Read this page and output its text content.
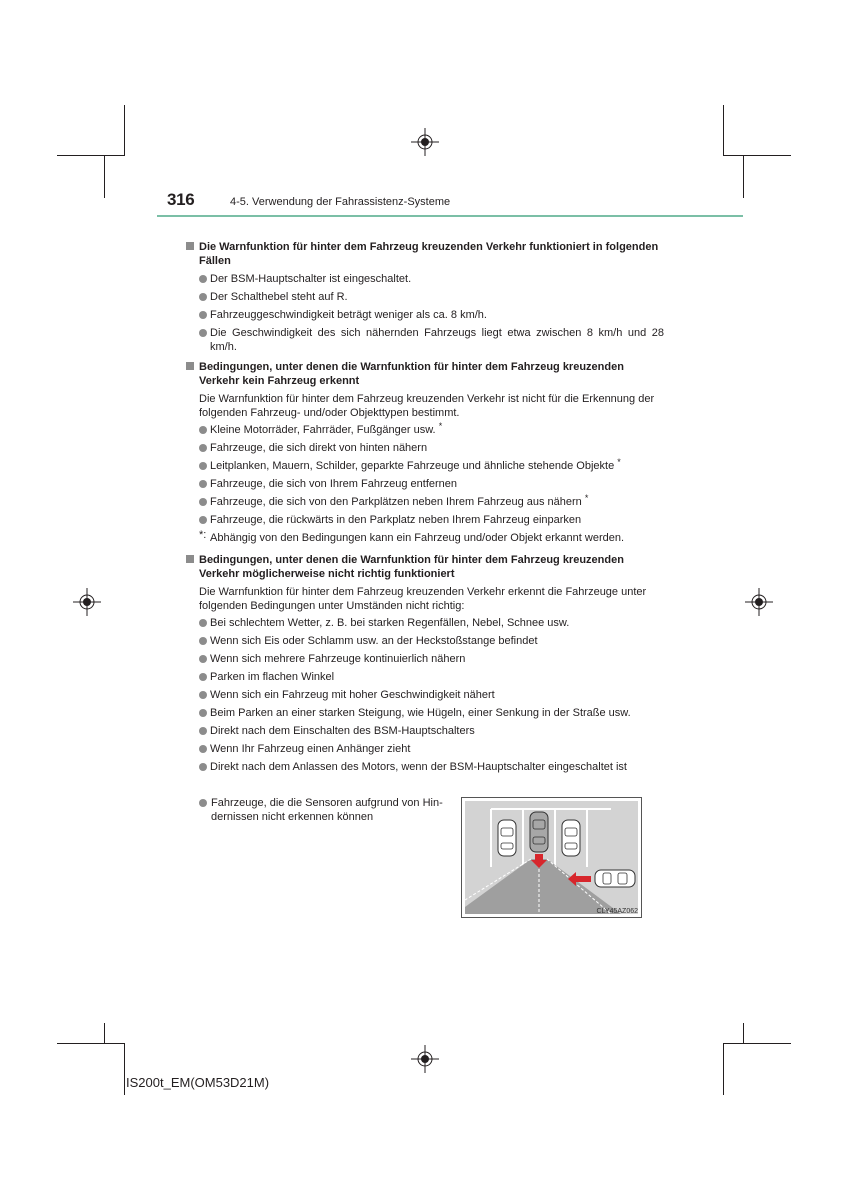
316	4-5. Verwendung der Fahrassistenz-Systeme
Die Warnfunktion für hinter dem Fahrzeug kreuzenden Verkehr funktioniert in folgenden Fällen
Der BSM-Hauptschalter ist eingeschaltet.
Der Schalthebel steht auf R.
Fahrzeuggeschwindigkeit beträgt weniger als ca. 8 km/h.
Die Geschwindigkeit des sich nähernden Fahrzeugs liegt etwa zwischen 8 km/h und 28 km/h.
Bedingungen, unter denen die Warnfunktion für hinter dem Fahrzeug kreuzenden Verkehr kein Fahrzeug erkennt
Die Warnfunktion für hinter dem Fahrzeug kreuzenden Verkehr ist nicht für die Erkennung der folgenden Fahrzeug- und/oder Objekttypen bestimmt.
Kleine Motorräder, Fahrräder, Fußgänger usw. *
Fahrzeuge, die sich direkt von hinten nähern
Leitplanken, Mauern, Schilder, geparkte Fahrzeuge und ähnliche stehende Objekte *
Fahrzeuge, die sich von Ihrem Fahrzeug entfernen
Fahrzeuge, die sich von den Parkplätzen neben Ihrem Fahrzeug aus nähern *
Fahrzeuge, die rückwärts in den Parkplatz neben Ihrem Fahrzeug einparken
*: Abhängig von den Bedingungen kann ein Fahrzeug und/oder Objekt erkannt werden.
Bedingungen, unter denen die Warnfunktion für hinter dem Fahrzeug kreuzenden Verkehr möglicherweise nicht richtig funktioniert
Die Warnfunktion für hinter dem Fahrzeug kreuzenden Verkehr erkennt die Fahrzeuge unter folgenden Bedingungen unter Umständen nicht richtig:
Bei schlechtem Wetter, z. B. bei starken Regenfällen, Nebel, Schnee usw.
Wenn sich Eis oder Schlamm usw. an der Heckstoßstange befindet
Wenn sich mehrere Fahrzeuge kontinuierlich nähern
Parken im flachen Winkel
Wenn sich ein Fahrzeug mit hoher Geschwindigkeit nähert
Beim Parken an einer starken Steigung, wie Hügeln, einer Senkung in der Straße usw.
Direkt nach dem Einschalten des BSM-Hauptschalters
Wenn Ihr Fahrzeug einen Anhänger zieht
Direkt nach dem Anlassen des Motors, wenn der BSM-Hauptschalter eingeschaltet ist
Fahrzeuge, die die Sensoren aufgrund von Hin-dernissen nicht erkennen können
CLY45AZ062
IS200t_EM(OM53D21M)
